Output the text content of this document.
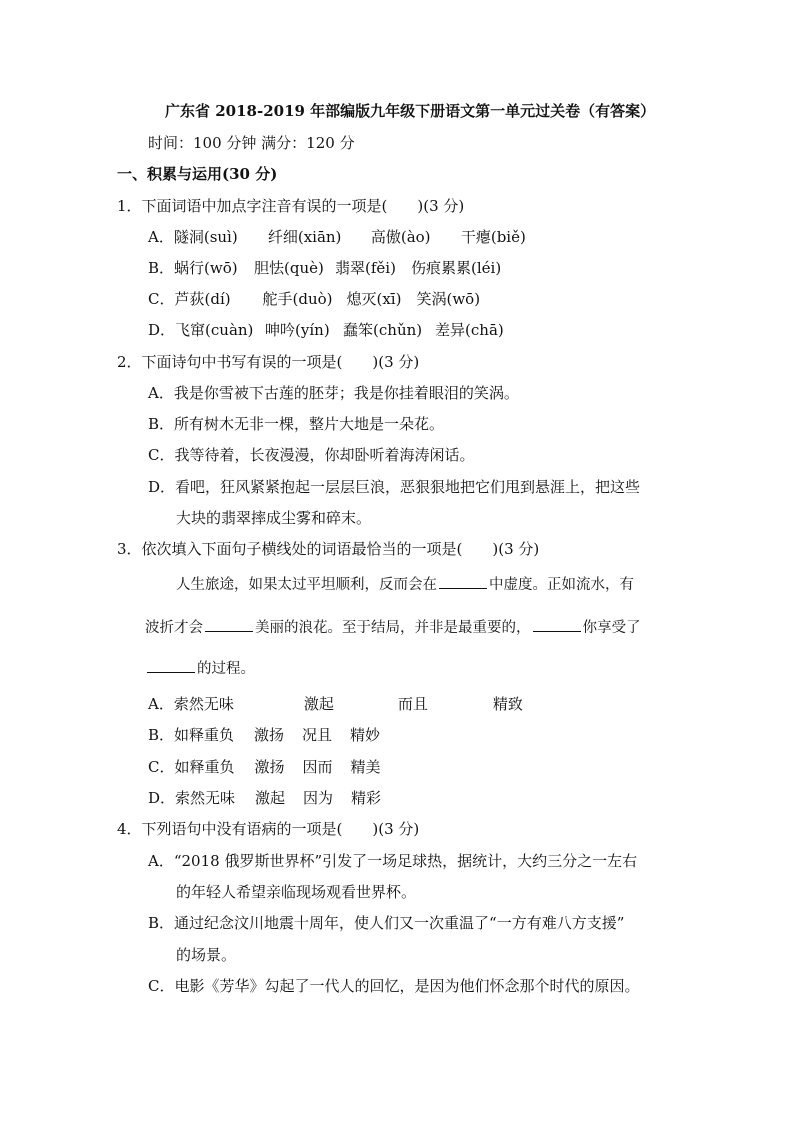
广东省 2018-2019 年部编版九年级下册语文第一单元过关卷（有答案）
时间：100 分钟 满分：120 分
一、积累与运用(30 分)
1．下面词语中加点字注音有误的一项是(　　)(3 分)
A．隧洞(suì) 纤细(xiān) 高傲(ào) 干瘪(biě)
B．蜗行(wō) 胆怯(què) 翡翠(fěi) 伤痕累累(léi)
C．芦荻(dí) 舵手(duò) 熄灭(xī) 笑涡(wō)
D．飞窜(cuàn) 呻吟(yín) 蠢笨(chǔn) 差异(chā)
2．下面诗句中书写有误的一项是(　　)(3 分)
A．我是你雪被下古莲的胚芽；我是你挂着眼泪的笑涡。
B．所有树木无非一棵，整片大地是一朵花。
C．我等待着，长夜漫漫，你却卧听着海涛闲话。
D．看吧，狂风紧紧抱起一层层巨浪，恶狠狠地把它们甩到悬涯上，把这些
大块的翡翠摔成尘雾和碎末。
3．依次填入下面句子横线处的词语最恰当的一项是(　　)(3 分)
人生旅途，如果太过平坦顺利，反而会在	中虚度。正如流水，有
波折才会	美丽的浪花。至于结局，并非是最重要的，	你享受了
的过程。
A．索然无味	激起	而且	精致
B．如释重负 激扬 况且 精妙
C．如释重负 激扬 因而 精美
D．索然无味 激起 因为 精彩
4．下列语句中没有语病的一项是(　　)(3 分)
A．“2018 俄罗斯世界杯”引发了一场足球热，据统计，大约三分之一左右
的年轻人希望亲临现场观看世界杯。
B．通过纪念汶川地震十周年，使人们又一次重温了“一方有难八方支援”
的场景。
C．电影《芳华》勾起了一代人的回忆，是因为他们怀念那个时代的原因。
